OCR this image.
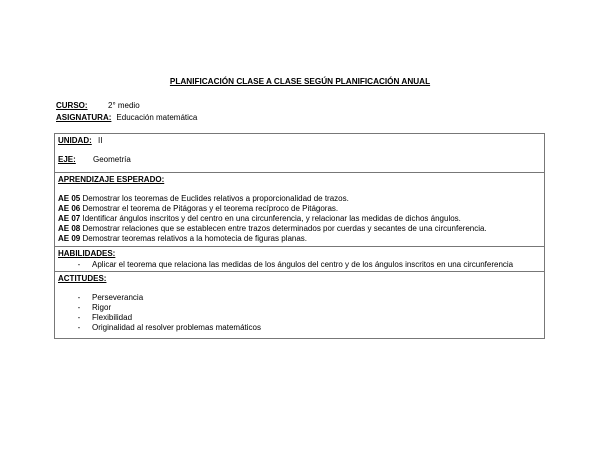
PLANIFICACIÓN CLASE A CLASE SEGÚN PLANIFICACIÓN ANUAL
CURSO:	2° medio
ASIGNATURA: Educación matemática
UNIDAD: II
EJE: Geometría
APRENDIZAJE ESPERADO:
AE 05 Demostrar los teoremas de Euclides relativos a proporcionalidad de trazos.
AE 06 Demostrar el teorema de Pitágoras y el teorema recíproco de Pitágoras.
AE 07 Identificar ángulos inscritos y del centro en una circunferencia, y relacionar las medidas de dichos ángulos.
AE 08 Demostrar relaciones que se establecen entre trazos determinados por cuerdas y secantes de una circunferencia.
AE 09 Demostrar teoremas relativos a la homotecia de figuras planas.
HABILIDADES:
- Aplicar el teorema que relaciona las medidas de los ángulos del centro y de los ángulos inscritos en una circunferencia
ACTITUDES:
- Perseverancia
- Rigor
- Flexibilidad
- Originalidad al resolver problemas matemáticos
